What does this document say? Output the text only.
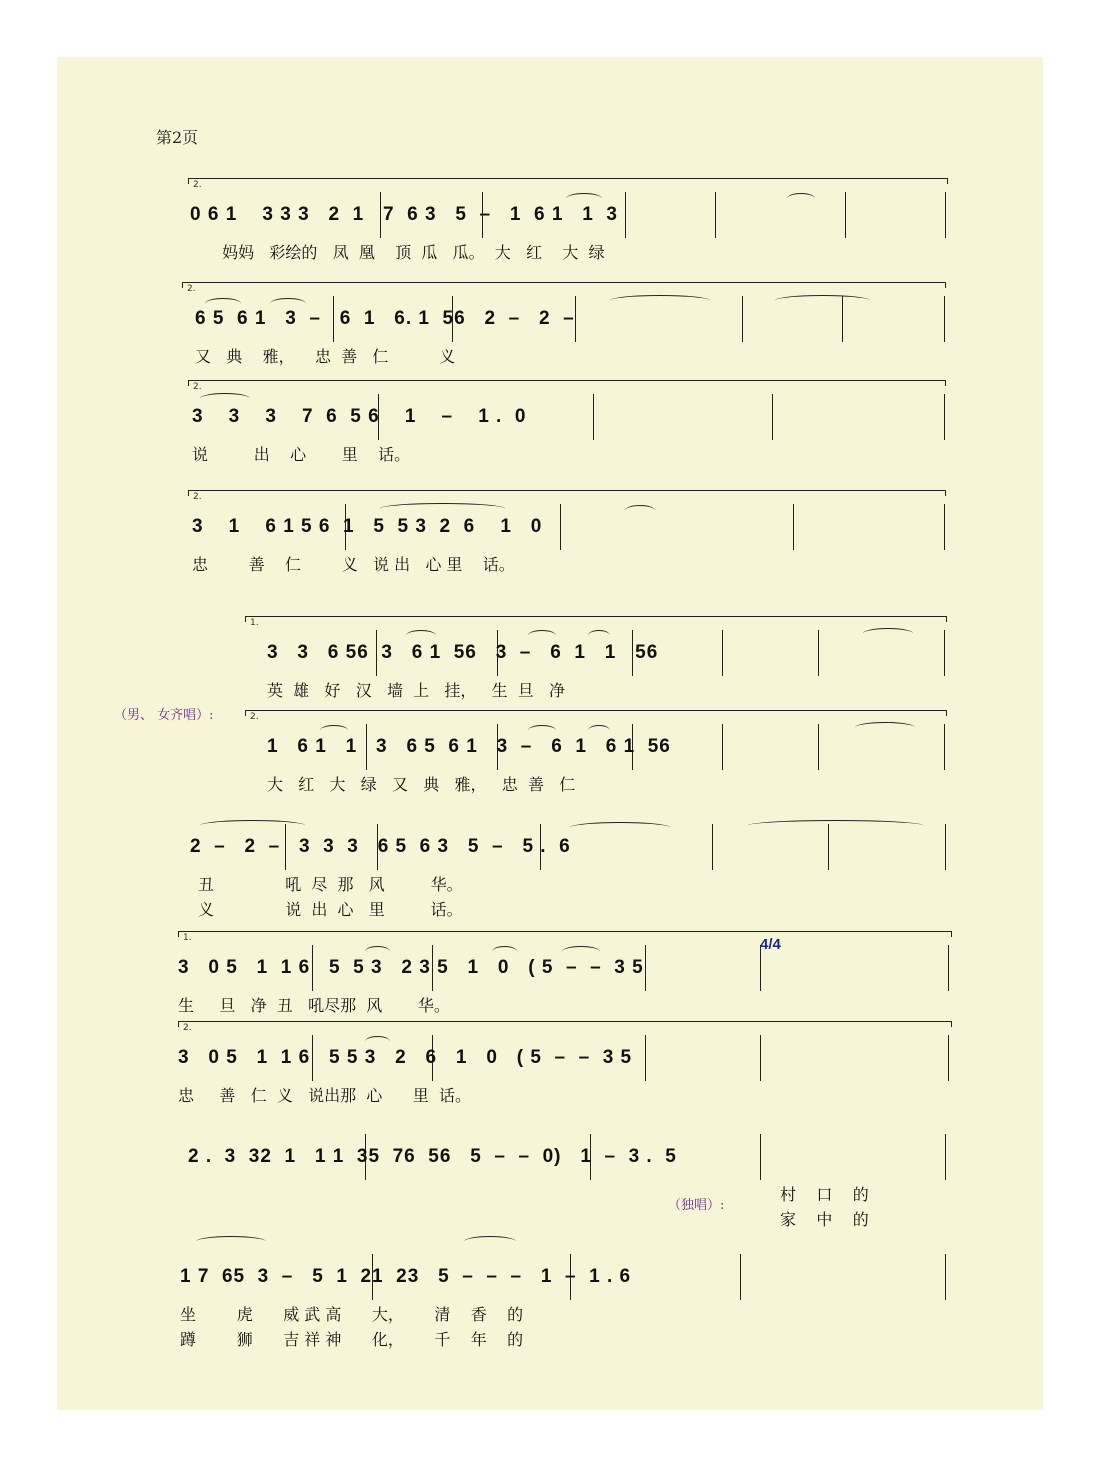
第2页
2.
0 6 1    3 3 3   2  1   7  6 3   5  –   1  6 1   1  3
妈妈   彩绘的   凤  凰    顶  瓜   瓜。  大   红    大  绿
2.
6 5  6 1   3  –   6  1   6. 1  56   2  –   2  –
又   典    雅，    忠  善   仁          义
2.
3    3    3    7  6  5 6    1    –    1 .  0
说         出    心       里    话。
2.
3    1    6 1 5 6  1   5  5 3  2  6    1   0
忠        善    仁        义   说 出   心 里    话。
1.
3   3   6 56  3   6 1  56   3  –   6  1   1   56
英  雄   好   汉   墙  上   挂，   生  旦   净
2.
1   6 1   1   3   6 5  6 1   3  –   6  1   6 1  56
大   红   大   绿   又   典   雅，   忠  善   仁
2  –   2  –   3  3  3   6 5  6 3   5  –   5 .  6
丑              吼  尽  那   风         华。
义              说  出  心   里         话。
1.
3   0 5   1  1 6   5  5 3   2 3 5   1   0   ( 5  –  –  3 5
生     旦   净  丑   吼尽那  风       华。
2.
3   0 5   1  1 6   5 5 3   2   6   1   0   ( 5  –  –  3 5
忠     善   仁  义   说出那  心      里  话。
2 .  3  32  1   1 1  35  76  56   5  –  –  0)   1  –  3 .  5
村    口    的
家    中    的
1 7  65  3  –   5  1  21  23   5  –  –  –   1  –  1 . 6
坐        虎      威 武 高      大，      清    香    的
蹲        狮      吉 祥 神      化，      千    年    的
（男、 女齐唱）:
（独唱）:
4/4
